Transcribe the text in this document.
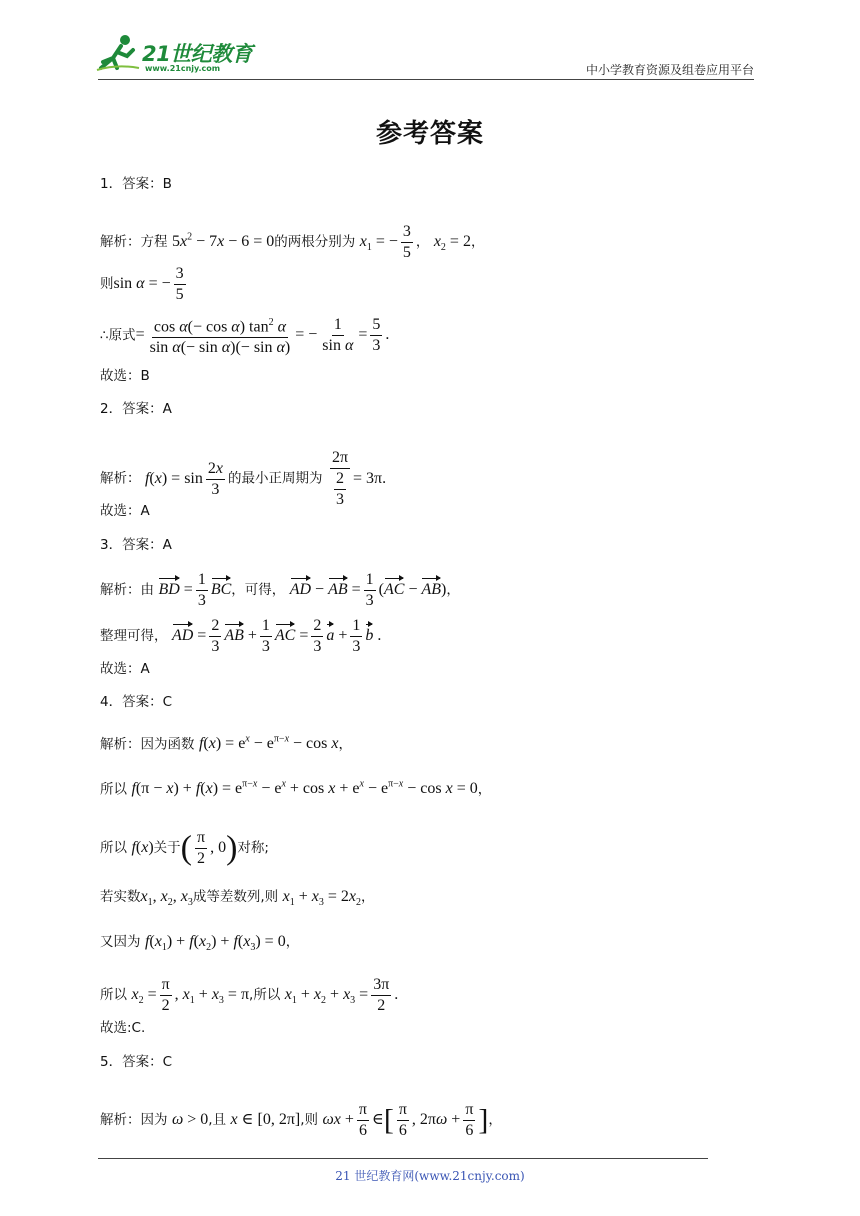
21世纪教育
www.21cnjy.com	中小学教育资源及组卷应用平台
参考答案
1．答案：B
解析：方程 $5x^2 - 7x - 6 = 0$的两根分别为 $x_1$ = − $\frac{3}{5}$ ， $x_2 = 2$，
则sin α = − $\frac{3}{5}$
∴原式= $\frac{\cos \alpha(- \cos \alpha) \tan^2 \alpha}{\text{sin α(− sin α)(− sin α)}}$ = − $\frac{1}{\text{sin α}} = \frac{5}{3}$ .
故选：B
2．答案：A
解析： $f(x) = \sin \frac{2x}{3}$ 的最小正周期为 $\frac{2\pi}{\frac{2}{3}} = 3\pi$.
故选：A
3．答案：A
解析：由 BD = $\frac{1}{3}$ BC，可得， AD − AB = $\frac{1}{3} (AC - AB)$，
整理可得， AD = $\frac{2}{3}$ AB + $\frac{1}{3}$ AC = $\frac{2}{3}$ $a + \frac{1}{3}$ b .
故选：A
4．答案：C
解析：因为函数 $f(x) = e^x - e^{\pi-x} - \cos x$，
所以 $f(\pi - x) + f(x) = e^{\pi-x} - e^x + \cos x + e^x - e^{\pi-x} - \cos x = 0$，
所以 f(x)关于( $\frac{\pi}{2}$ , 0)对称;
若实数$x_1$, $x_2$, $x_3$成等差数列,则 $x_1 + x_3 = 2x_2$，
又因为 $f(x_1) + f(x_2) + f(x_3) = 0$，
所以 $x_2 = \frac{\pi}{2}$ , $x_1 + x_3 = \pi$,所以 $x_1 + x_2 + x_3 = \frac{3\pi}{2}$ .
故选:C.
5．答案：C
解析：因为 ω > 0,且 x ∈ [0, 2π],则 $\omega x + \frac{\pi}{6}$ ∈[ $\frac{\pi}{6}$ , $2\pi\omega + \frac{\pi}{6}$ ]，
21 世纪教育网(www.21cnjy.com)
